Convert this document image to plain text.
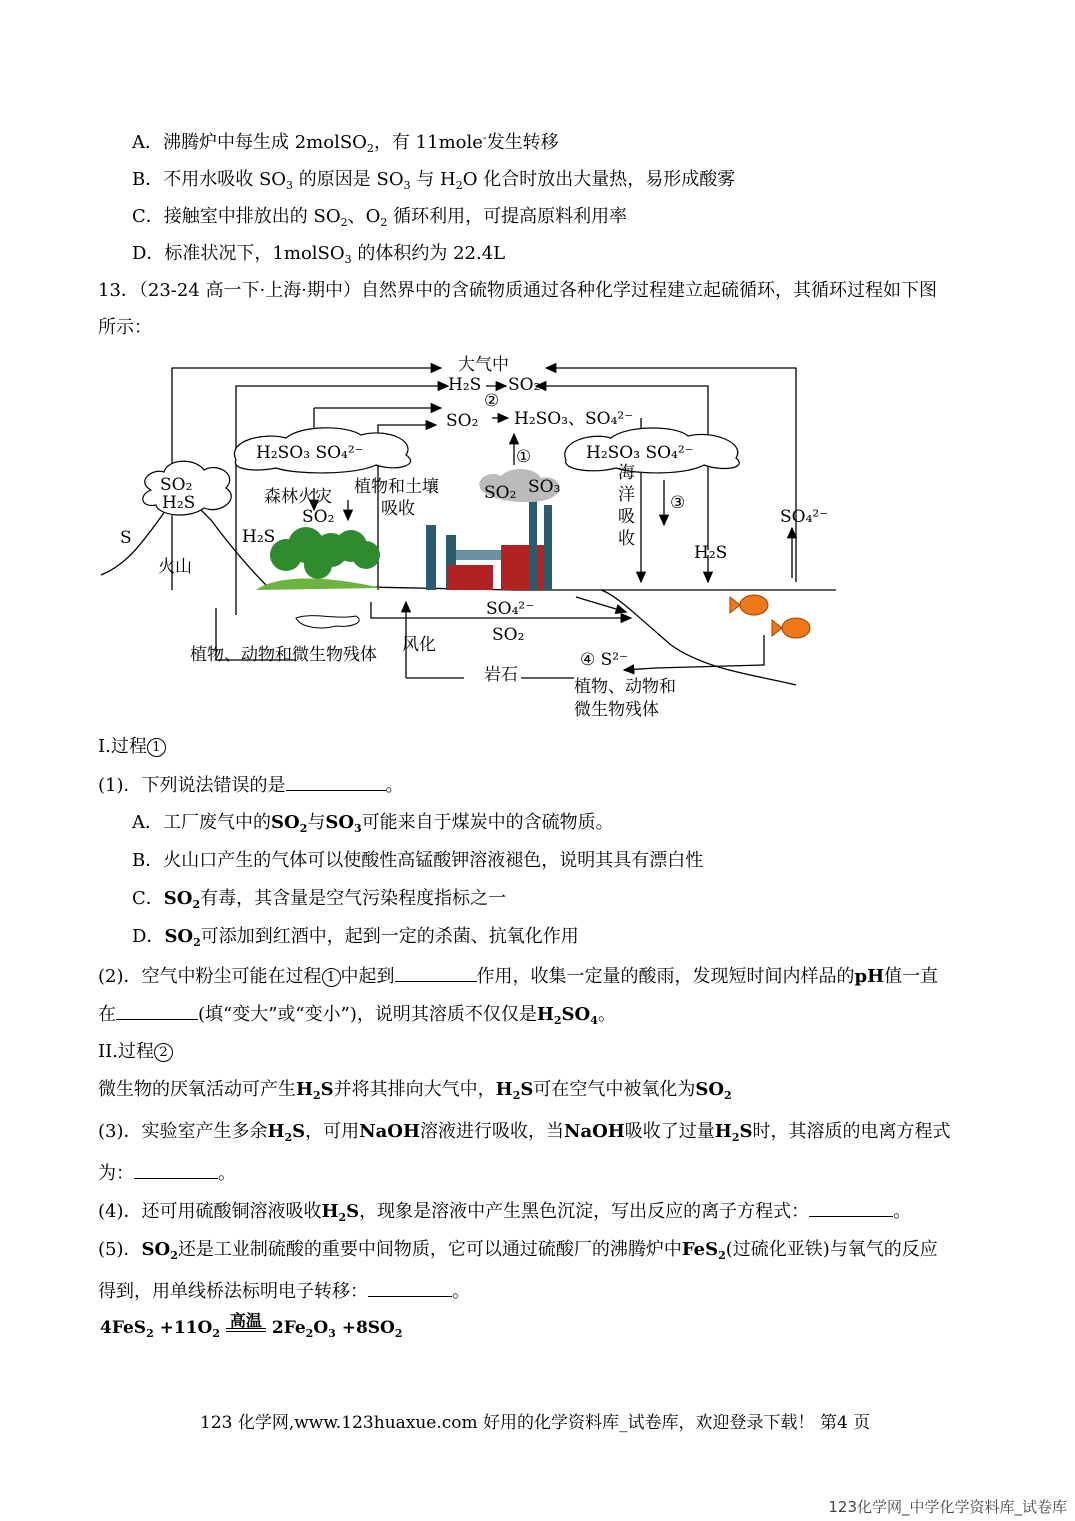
A．沸腾炉中每生成 2molSO$_2$，有 11mole-发生转移
B．不用水吸收 $SO_3$ 的原因是 $SO_3$ 与 $H_2O$ 化合时放出大量热，易形成酸雾
C．接触室中排放出的 $SO_2$、$O_2$ 循环利用，可提高原料利用率
D．标准状况下，1molSO$_3$ 的体积约为 22.4L
13．（23-24 高一下·上海·期中）自然界中的含硫物质通过各种化学过程建立起硫循环，其循环过程如下图
所示：
大气中
H₂S SO₂
②
SO₂ H₂SO₃、SO₄²⁻
①
H₂SO₃ SO₄²⁻	H₂SO₃ SO₄²⁻
SO₂
H₂S
S
火山
森林火灾
SO₂
植物和土壤
吸收
H₂S
SO₂ SO₃
海
洋
吸
收
③
H₂S
SO₄²⁻
SO₄²⁻
SO₂
风化
植物、动物和微生物残体
岩石
④ S²⁻
植物、动物和
微生物残体
I.过程 1
(1)．下列说法错误的是	。
A．工厂废气中的$SO_2$与$SO_3$可能来自于煤炭中的含硫物质。
B．火山口产生的气体可以使酸性高锰酸钾溶液褪色，说明其具有漂白性
C．$SO_2$有毒，其含量是空气污染程度指标之一
D．$SO_2$可添加到红酒中，起到一定的杀菌、抗氧化作用
(2)．空气中粉尘可能在过程 1 中起到	作用，收集一定量的酸雨，发现短时间内样品的pH值一直
在	(填“变大”或“变小”)，说明其溶质不仅仅是$H_2SO_4$。
II.过程 2
微生物的厌氧活动可产生$H_2S$并将其排向大气中，$H_2S$可在空气中被氧化为$SO_2$
(3)．实验室产生多余$H_2S$，可用NaOH溶液进行吸收，当NaOH吸收了过量$H_2S$时，其溶质的电离方程式
为：	。
(4)．还可用硫酸铜溶液吸收$H_2S$，现象是溶液中产生黑色沉淀，写出反应的离子方程式：	。
(5)．$SO_2$还是工业制硫酸的重要中间物质，它可以通过硫酸厂的沸腾炉中FeS$_2$(过硫化亚铁)与氧气的反应
得到，用单线桥法标明电子转移：	。
$4FeS_2 +11O_2$
高温 $2Fe_2O_3 +8SO_2$
123 化学网,www.123huaxue.com 好用的化学资料库_试卷库，欢迎登录下载！ 第4 页
123化学网_中学化学资料库_试卷库
